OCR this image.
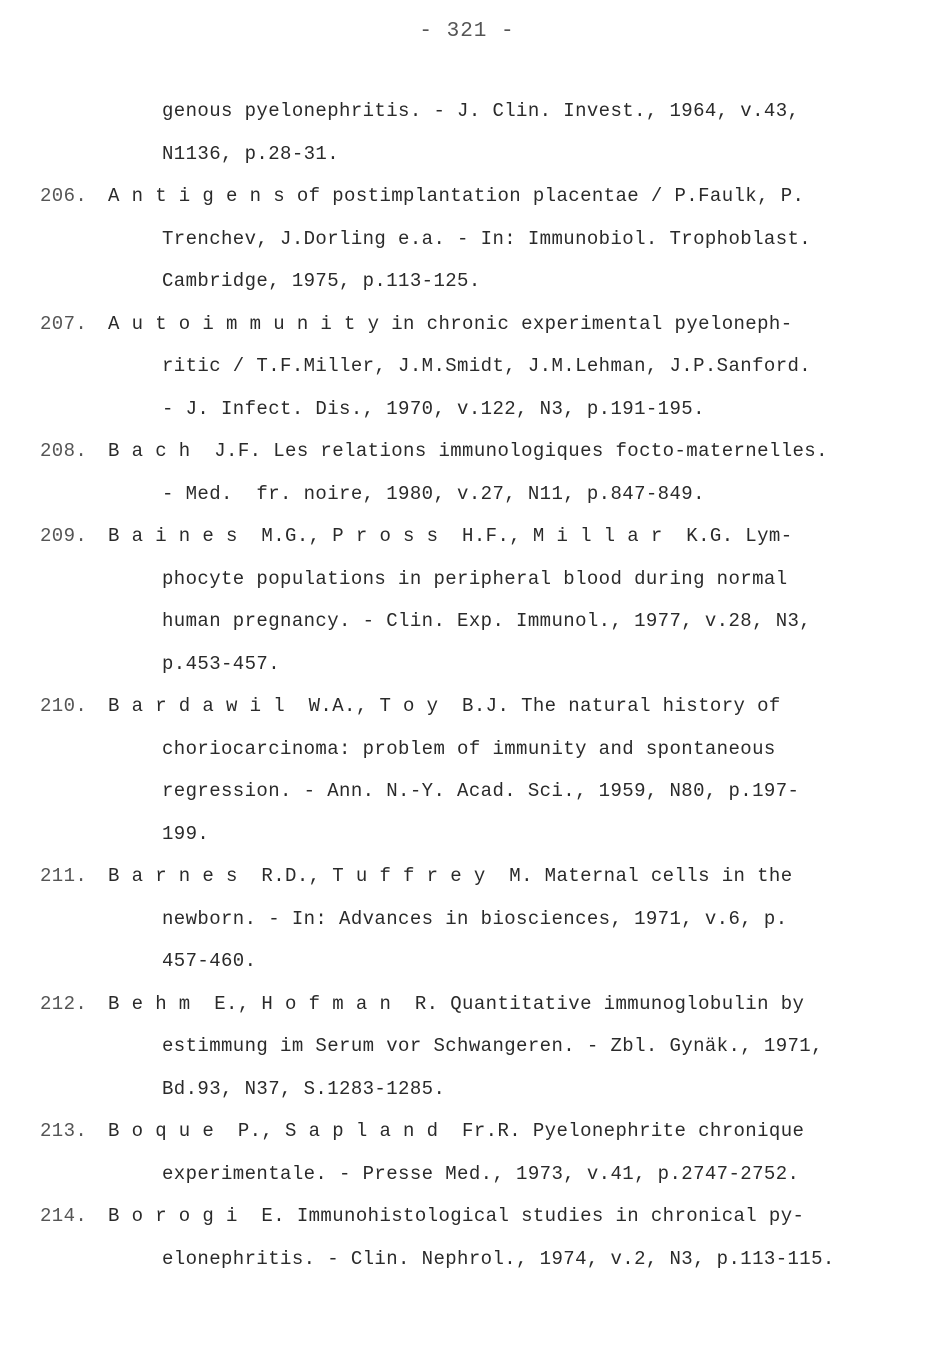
- 321 -
genous pyelonephritis. - J. Clin. Invest., 1964, v.43,
N1136, p.28-31.
206. A n t i g e n s of postimplantation placentae / P.Faulk, P.
Trenchev, J.Dorling e.a. - In: Immunobiol. Trophoblast.
Cambridge, 1975, p.113-125.
207. A u t o i m m u n i t y in chronic experimental pyeloneph-
ritic / T.F.Miller, J.M.Smidt, J.M.Lehman, J.P.Sanford.
- J. Infect. Dis., 1970, v.122, N3, p.191-195.
208. B a c h  J.F. Les relations immunologiques focto-maternelles.
- Med.  fr. noire, 1980, v.27, N11, p.847-849.
209. B a i n e s  M.G., P r o s s  H.F., M i l l a r  K.G. Lym-
phocyte populations in peripheral blood during normal
human pregnancy. - Clin. Exp. Immunol., 1977, v.28, N3,
p.453-457.
210. B a r d a w i l  W.A., T o y  B.J. The natural history of
choriocarcinoma: problem of immunity and spontaneous
regression. - Ann. N.-Y. Acad. Sci., 1959, N80, p.197-
199.
211. B a r n e s  R.D., T u f f r e y  M. Maternal cells in the
newborn. - In: Advances in biosciences, 1971, v.6, p.
457-460.
212. B e h m  E., H o f m a n  R. Quantitative immunoglobulin by
estimmung im Serum vor Schwangeren. - Zbl. Gynäk., 1971,
Bd.93, N37, S.1283-1285.
213. B o q u e  P., S a p l a n d  Fr.R. Pyelonephrite chronique
experimentale. - Presse Med., 1973, v.41, p.2747-2752.
214. B o r o g i  E. Immunohistological studies in chronical py-
elonephritis. - Clin. Nephrol., 1974, v.2, N3, p.113-115.
